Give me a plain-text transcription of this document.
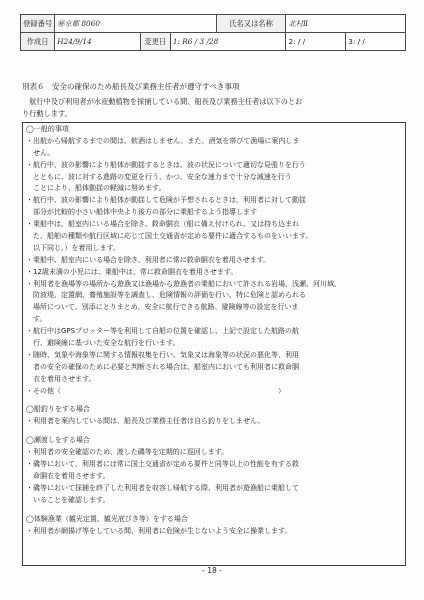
登録番号	㊙京都 8060			氏名又は名称	北村Ⅱ	
作成日	H24/9/14	変更日	1: R6 / 3 /28		2: / /	3: / /
別表６　安全の確保のため船長及び業務主任者が遵守すべき事項
　航行中及び利用者が水産動植物を採捕している間、船長及び業務主任者は以下のとお
り行動します。
◯一般的事項
・出航から帰航するまでの間は、飲酒はしません。また、酒気を帯びて漁場に案内しま
　せん。
・航行中、波の影響により船体が動揺するときは、波の状況について適切な見張りを行う
　とともに、波に対する進路の変更を行う、かつ、安全な速力まで十分な減速を行う
　ことにより、船体動揺の軽減に努めます。
・航行中、波の影響により船体が動揺して危険が予想されるときは、利用者に対して動揺
　部分が比較的小さい船体中央より後方の部分に乗船するよう指導します
・乗船中は、船室内にいる場合を除き、救命胴衣（船に備え付けられ、又は持ち込まれ
　た、船舶の種類や航行区域に応じて国土交通省が定める要件に適合するものをいいます。
　以下同じ。）を着用します。
・乗船中、船室内にいる場合を除き、利用者に常に救命胴衣を着用させます。
・12歳未満の小児には、乗船中は、常に救命胴衣を着用させます。
・利用者を漁場等の場所から遊漁又は漁場から遊漁者の乗船において許される岩場、浅瀬、河川域、
　防波堤、定置網、養殖施設等を調査し、危険情報の評価を行い、特に危険と認められる
　場所について、別添にとりまとめ、安全に航行できる航路、避険線等の設定を行いま
　す。
・航行中はGPSプロッター等を利用して自船の位置を確認し、上記で設定した航路の航
　行、避険線に基づいた安全な航行を行います。
・随時、気象や海象等に関する情報収集を行い、気象又は海象等の状況の悪化等、利用
　者の安全の確保のために必要と判断される場合は、船室内においても利用者に救命胴
　衣を着用させます。
・その他（　　　　　　　　　　　　　　　　　　　　　　　　　　　　　　　）
◯船釣りをする場合
・利用者を案内している間は、船長及び業務主任者は自ら釣りをしません。
◯瀬渡しをする場合
・利用者の安全確認のため、渡した磯等を定期的に巡回します。
・磯等において、利用者には常に国土交通省が定める要件と同等以上の性能を有する救
　命胴衣を着用させます。
・磯等において採捕を終了した利用者を収容し帰航する際、利用者が遊漁船に乗船して
　いることを確認します。
◯体験漁業（観光定置、観光底びき等）をする場合
・利用者が網揚げ等をしている間、利用者に危険が生じないよう安全に操業します。
- 18 -
